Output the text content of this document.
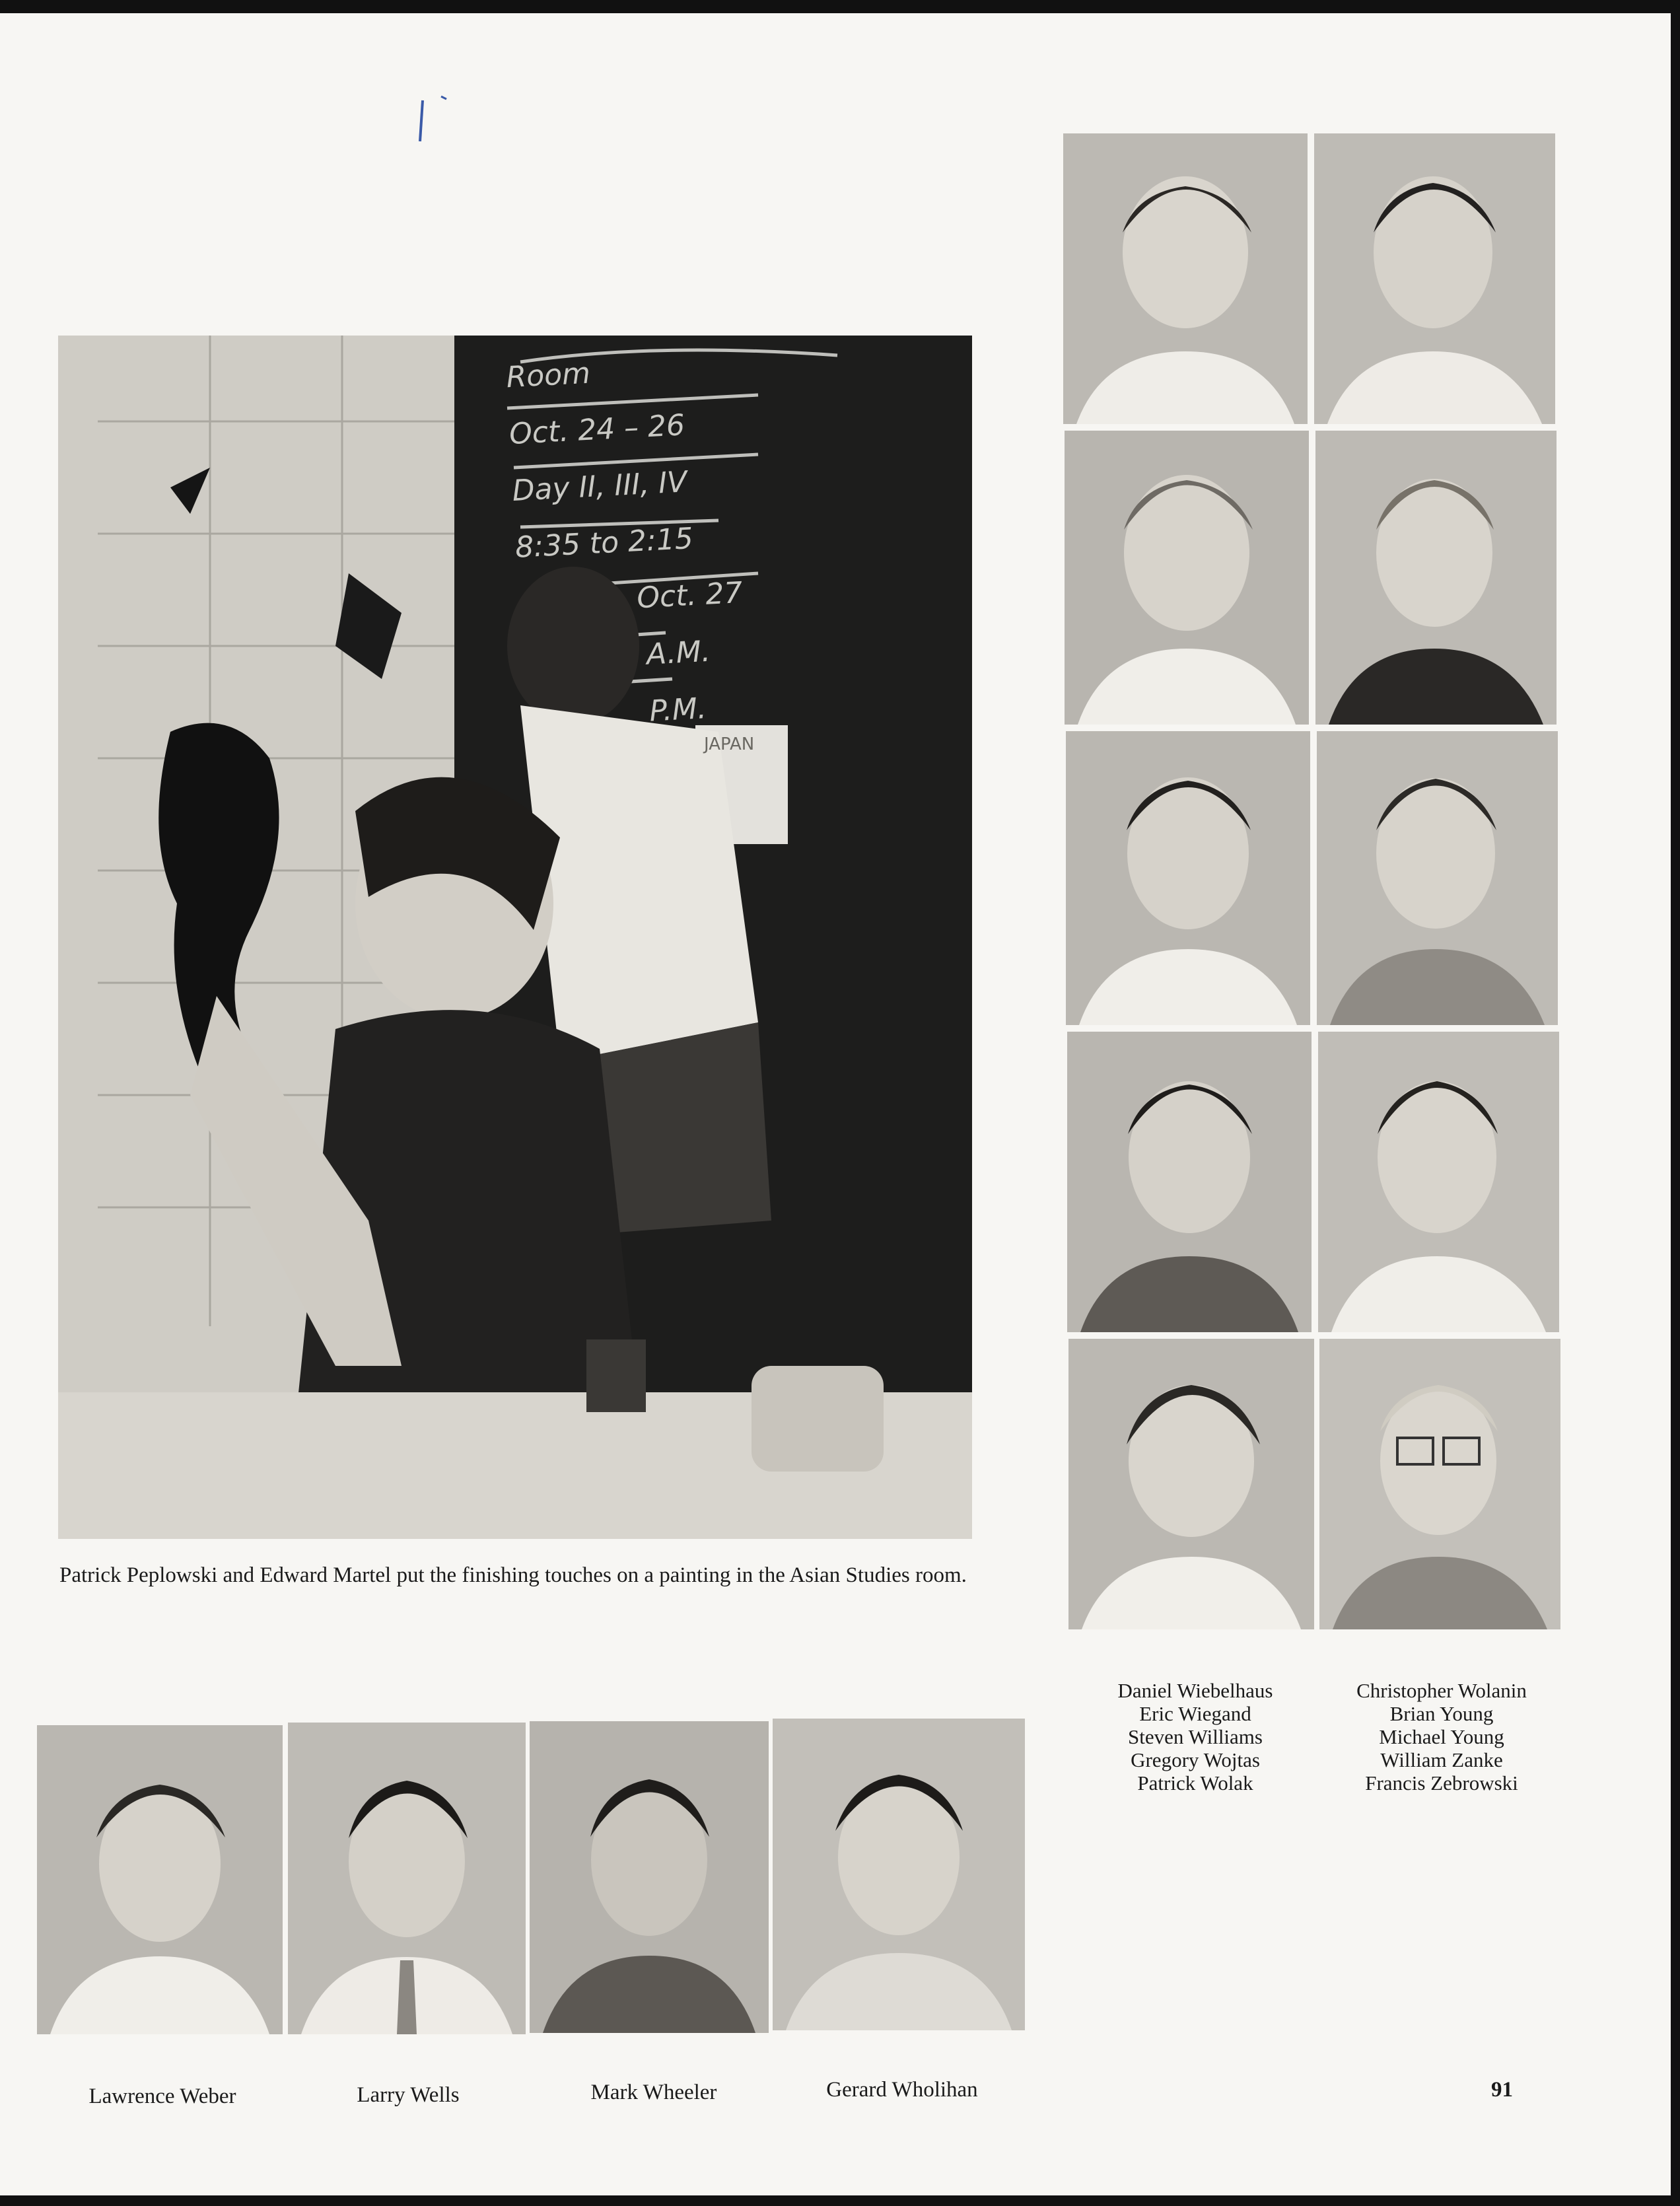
Patrick Peplowski and Edward Martel put the finishing touches on a painting in the Asian Studies room.
Daniel Wiebelhaus
Eric Wiegand
Steven Williams
Gregory Wojtas
Patrick Wolak
Christopher Wolanin
Brian Young
Michael Young
William Zanke
Francis Zebrowski
Lawrence Weber	Larry Wells	Mark Wheeler	Gerard Wholihan	91
Room
Oct. 24 – 26
Day II, III, IV
8:35 to 2:15
Oct. 27
A.M.
P.M.
JAPAN
